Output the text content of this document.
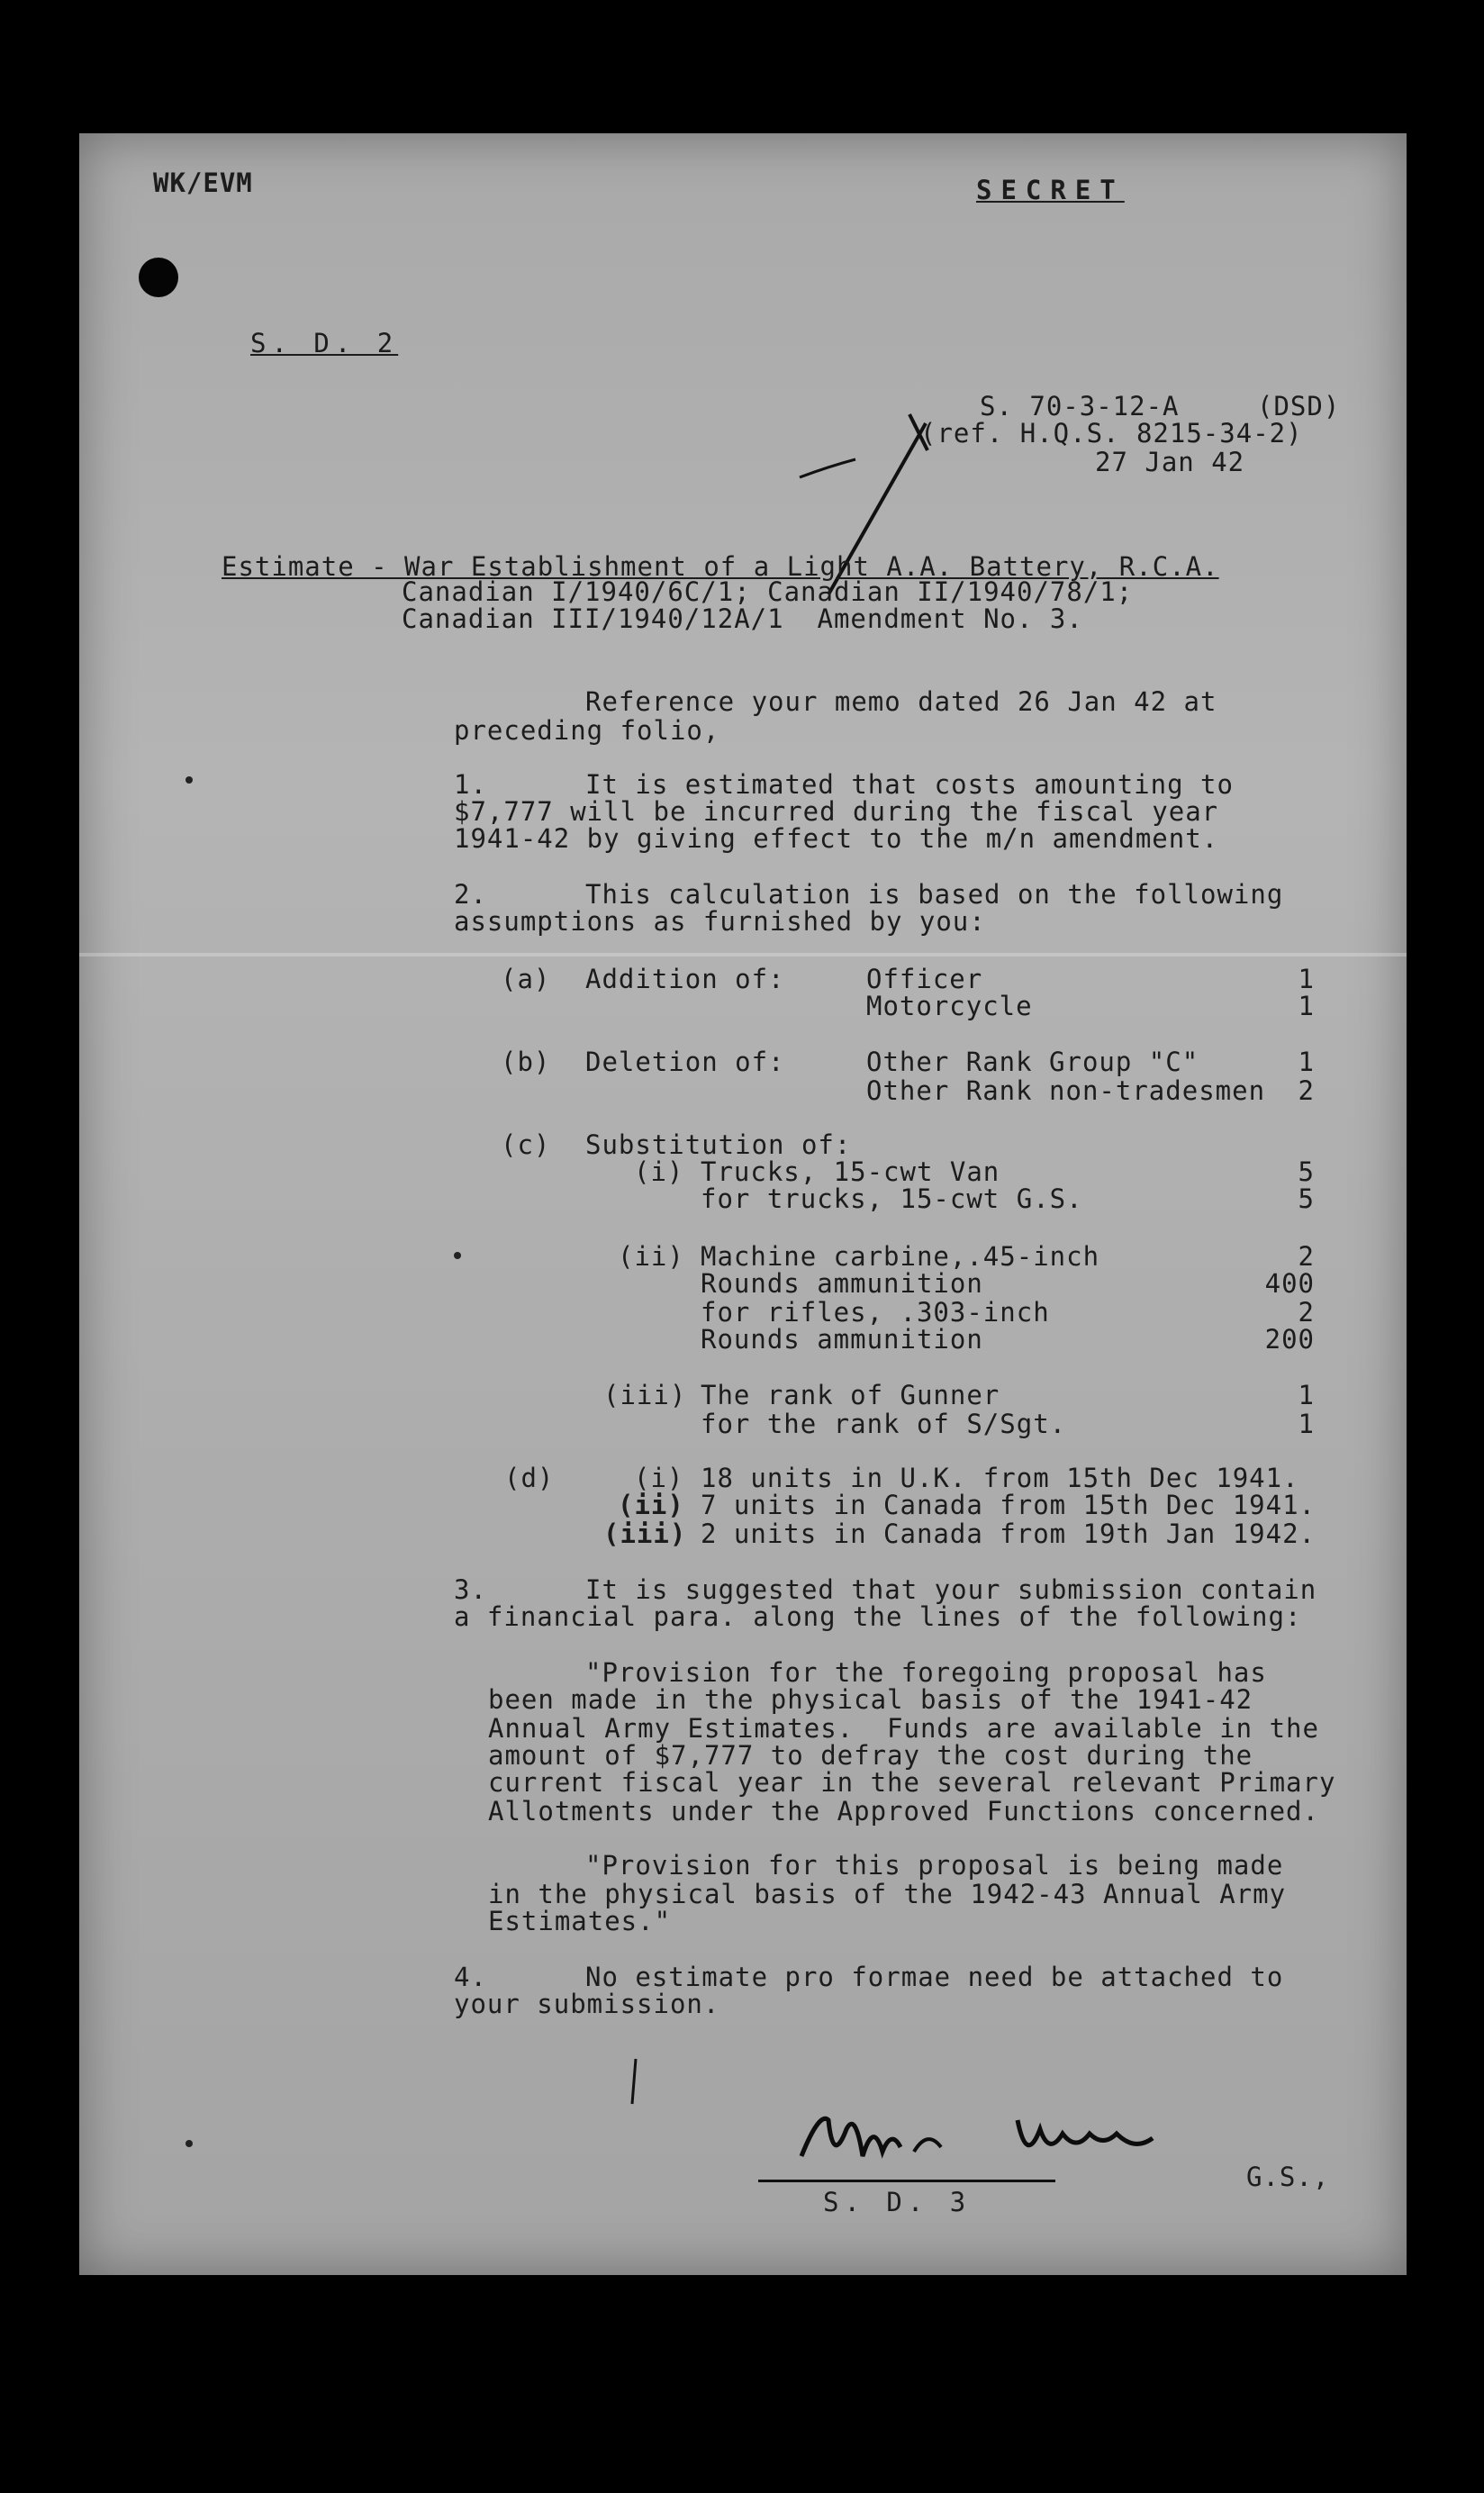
WK/EVM	SECRET
S. D. 2
S. 70-3-12-A	(DSD)
(ref. H.Q.S. 8215-34-2)
27 Jan 42
Estimate - War Establishment of a Light A.A. Battery, R.C.A.
Canadian I/1940/6C/1; Canadian II/1940/78/1;
Canadian III/1940/12A/1  Amendment No. 3.
Reference your memo dated 26 Jan 42 at
preceding folio,
1.	It is estimated that costs amounting to
$7,777 will be incurred during the fiscal year
1941-42 by giving effect to the m/n amendment.
2.	This calculation is based on the following
assumptions as furnished by you:
(a) Addition of:	Officer	1
Motorcycle	1
(b) Deletion of:	Other Rank Group "C"	1
Other Rank non-tradesmen	2
(c) Substitution of:
(i) Trucks, 15-cwt Van	5
for trucks, 15-cwt G.S.	5
(ii) Machine carbine,.45-inch	2
Rounds ammunition	400
for rifles, .303-inch	2
Rounds ammunition	200
(iii) The rank of Gunner	1
for the rank of S/Sgt.	1
(d)	(i) 18 units in U.K. from 15th Dec 1941.
(ii) 7 units in Canada from 15th Dec 1941.
(iii) 2 units in Canada from 19th Jan 1942.
3.	It is suggested that your submission contain
a financial para. along the lines of the following:
"Provision for the foregoing proposal has
been made in the physical basis of the 1941-42
Annual Army Estimates.  Funds are available in the
amount of $7,777 to defray the cost during the
current fiscal year in the several relevant Primary
Allotments under the Approved Functions concerned.
"Provision for this proposal is being made
in the physical basis of the 1942-43 Annual Army
Estimates."
4.	No estimate pro formae need be attached to
your submission.
G.S.,
S. D. 3
